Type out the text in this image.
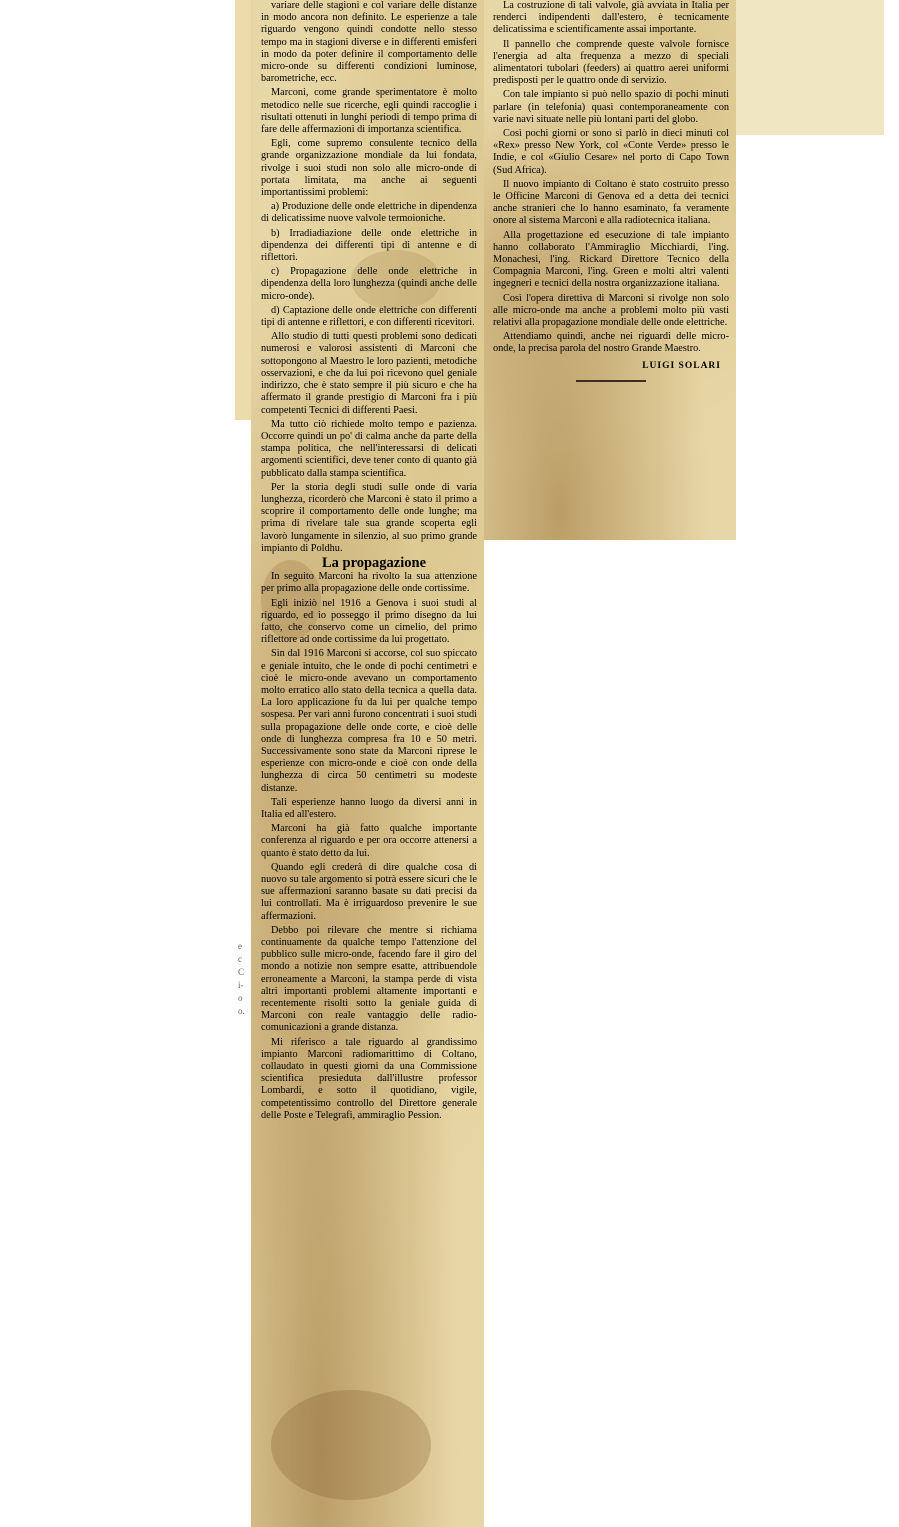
e
c
C
i-
o
o.

variare delle stagioni e col variare delle distanze in modo ancora non definito. Le esperienze a tale riguardo vengono quindi condotte nello stesso tempo ma in stagioni diverse e in differenti emisferi in modo da poter definire il comportamento delle micro-onde su differenti condizioni luminose, barometriche, ecc.

Marconi, come grande sperimentatore è molto metodico nelle sue ricerche, egli quindi raccoglie i risultati ottenuti in lunghi periodi di tempo prima di fare delle affermazioni di importanza scientifica.

Egli, come supremo consulente tecnico della grande organizzazione mondiale da lui fondata, rivolge i suoi studi non solo alle micro-onde di portata limitata, ma anche ai seguenti importantissimi problemi:

a) Produzione delle onde elettriche in dipendenza di delicatissime nuove valvole termoioniche.

b) Irradiadiazione delle onde elettriche in dipendenza dei differenti tipi di antenne e di riflettori.

c) Propagazione delle onde elettriche in dipendenza della loro lunghezza (quindi anche delle micro-onde).

d) Captazione delle onde elettriche con differenti tipi di antenne e riflettori, e con differenti ricevitori.

Allo studio di tutti questi problemi sono dedicati numerosi e valorosi assistenti di Marconi che sottopongono al Maestro le loro pazienti, metodiche osservazioni, e che da lui poi ricevono quel geniale indirizzo, che è stato sempre il più sicuro e che ha affermato il grande prestigio di Marconi fra i più competenti Tecnici di differenti Paesi.

Ma tutto ciò richiede molto tempo e pazienza. Occorre quindi un po' di calma anche da parte della stampa politica, che nell'interessarsi di delicati argomenti scientifici, deve tener conto di quanto già pubblicato dalla stampa scientifica.

Per la storia degli studi sulle onde di varia lunghezza, ricorderò che Marconi è stato il primo a scoprire il comportamento delle onde lunghe; ma prima di rivelare tale sua grande scoperta egli lavorò lungamente in silenzio, al suo primo grande impianto di Poldhu.

La propagazione

In seguito Marconi ha rivolto la sua attenzione per primo alla propagazione delle onde cortissime.

Egli iniziò nel 1916 a Genova i suoi studi al riguardo, ed io posseggo il primo disegno da lui fatto, che conservo come un cimelio, del primo riflettore ad onde cortissime da lui progettato.

Sin dal 1916 Marconi si accorse, col suo spiccato e geniale intuito, che le onde di pochi centimetri e cioè le micro-onde avevano un comportamento molto erratico allo stato della tecnica a quella data. La loro applicazione fu da lui per qualche tempo sospesa. Per vari anni furono concentrati i suoi studi sulla propagazione delle onde corte, e cioè delle onde di lunghezza compresa fra 10 e 50 metri. Successivamente sono state da Marconi riprese le esperienze con micro-onde e cioè con onde della lunghezza di circa 50 centimetri su modeste distanze.

Tali esperienze hanno luogo da diversi anni in Italia ed all'estero.

Marconi ha già fatto qualche importante conferenza al riguardo e per ora occorre attenersi a quanto è stato detto da lui.

Quando egli crederà di dire qualche cosa di nuovo su tale argomento si potrà essere sicuri che le sue affermazioni saranno basate su dati precisi da lui controllati. Ma è irriguardoso prevenire le sue affermazioni.

Debbo poi rilevare che mentre si richiama continuamente da qualche tempo l'attenzione del pubblico sulle micro-onde, facendo fare il giro del mondo a notizie non sempre esatte, attribuendole erroneamente a Marconi, la stampa perde di vista altri importanti problemi altamente importanti e recentemente risolti sotto la geniale guida di Marconi con reale vantaggio delle radio-comunicazioni a grande distanza.

Mi riferisco a tale riguardo al grandissimo impianto Marconi radiomarittimo di Coltano, collaudato in questi giorni da una Commissione scientifica presieduta dall'illustre professor Lombardi, e sotto il quotidiano, vigile, competentissimo controllo del Direttore generale delle Poste e Telegrafi, ammiraglio Pession.

La costruzione di tali valvole, già avviata in Italia per renderci indipendenti dall'estero, è tecnicamente delicatissima e scientificamente assai importante.

Il pannello che comprende queste valvole fornisce l'energia ad alta frequenza a mezzo di speciali alimentatori tubolari (feeders) ai quattro aerei uniformi predisposti per le quattro onde di servizio.

Con tale impianto si può nello spazio di pochi minuti parlare (in telefonia) quasi contemporaneamente con varie navi situate nelle più lontani parti del globo.

Così pochi giorni or sono si parlò in dieci minuti col «Rex» presso New York, col «Conte Verde» presso le Indie, e col «Giulio Cesare» nel porto di Capo Town (Sud Africa).

Il nuovo impianto di Coltano è stato costruito presso le Officine Marconi di Genova ed a detta dei tecnici anche stranieri che lo hanno esaminato, fa veramente onore al sistema Marconi e alla radiotecnica italiana.

Alla progettazione ed esecuzione di tale impianto hanno collaborato l'Ammiraglio Micchiardi, l'ing. Monachesi, l'ing. Rickard Direttore Tecnico della Compagnia Marconi, l'ing. Green e molti altri valenti ingegneri e tecnici della nostra organizzazione italiana.

Così l'opera direttiva di Marconi si rivolge non solo alle micro-onde ma anche a problemi molto più vasti relativi alla propagazione mondiale delle onde elettriche.

Attendiamo quindi, anche nei riguardi delle micro-onde, la precisa parola del nostro Grande Maestro.

LUIGI SOLARI
